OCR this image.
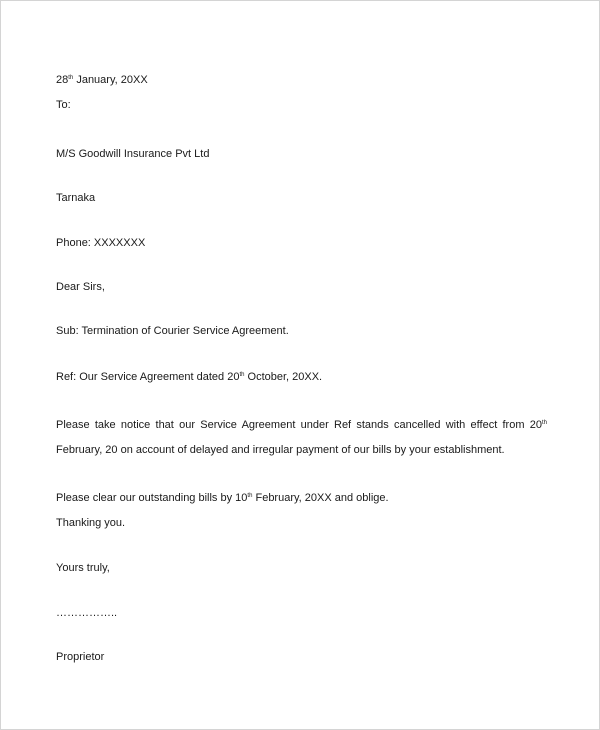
28th January, 20XX
To:
M/S Goodwill Insurance Pvt Ltd
Tarnaka
Phone: XXXXXXX
Dear Sirs,
Sub: Termination of Courier Service Agreement.
Ref: Our Service Agreement dated 20th October, 20XX.
Please take notice that our Service Agreement under Ref stands cancelled with effect from 20th
February, 20 on account of delayed and irregular payment of our bills by your establishment.
Please clear our outstanding bills by 10th February, 20XX and oblige.
Thanking you.
Yours truly,
……………..
Proprietor
